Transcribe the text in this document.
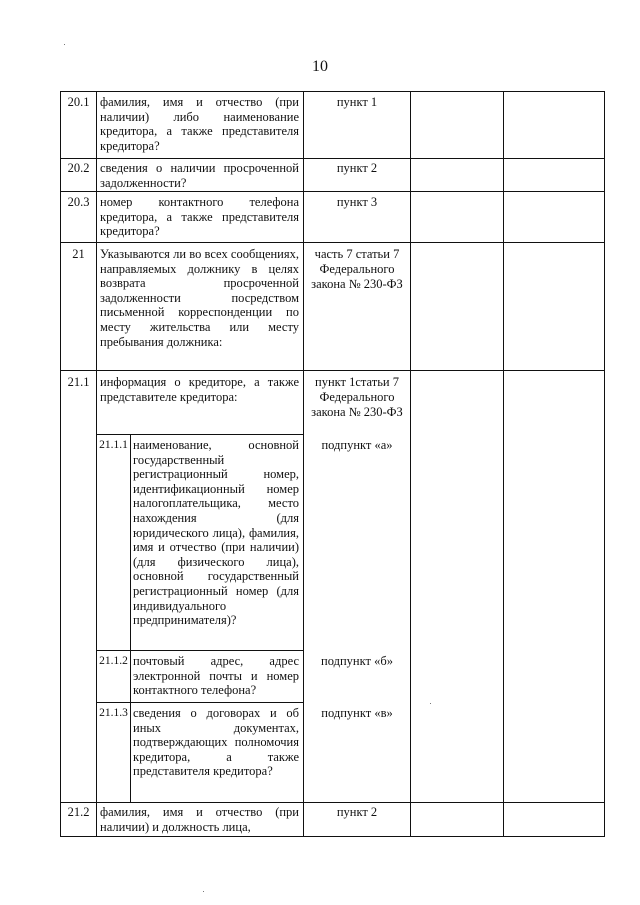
10
20.1 фамилия, имя и отчество (при наличии) либо наименование кредитора, а также представителя кредитора?
пункт 1
20.2 сведения о наличии просроченной задолженности?
пункт 2
20.3 номер контактного телефона кредитора, а также представителя кредитора?
пункт 3
21	Указываются ли во всех сообщениях, направляемых должнику в целях возврата просроченной задолженности посредством письменной корреспонденции по месту жительства или месту пребывания должника:
часть 7 статьи 7 Федерального закона № 230-ФЗ
21.1 информация о кредиторе, а также представителе кредитора:
пункт 1статьи 7 Федерального закона № 230-ФЗ
21.1.1 наименование, основной государственный регистрационный номер, идентификационный номер налогоплательщика, место нахождения (для юридического лица), фамилия, имя и отчество (при наличии) (для физического лица), основной государственный регистрационный номер (для индивидуального предпринимателя)?
подпункт «а»
21.1.2 почтовый адрес, адрес электронной почты и номер контактного телефона?
подпункт «б»
21.1.3 сведения о договорах и об иных документах, подтверждающих полномочия кредитора, а также представителя кредитора?
подпункт «в»
21.2 фамилия, имя и отчество (при наличии) и должность лица,
пункт 2
